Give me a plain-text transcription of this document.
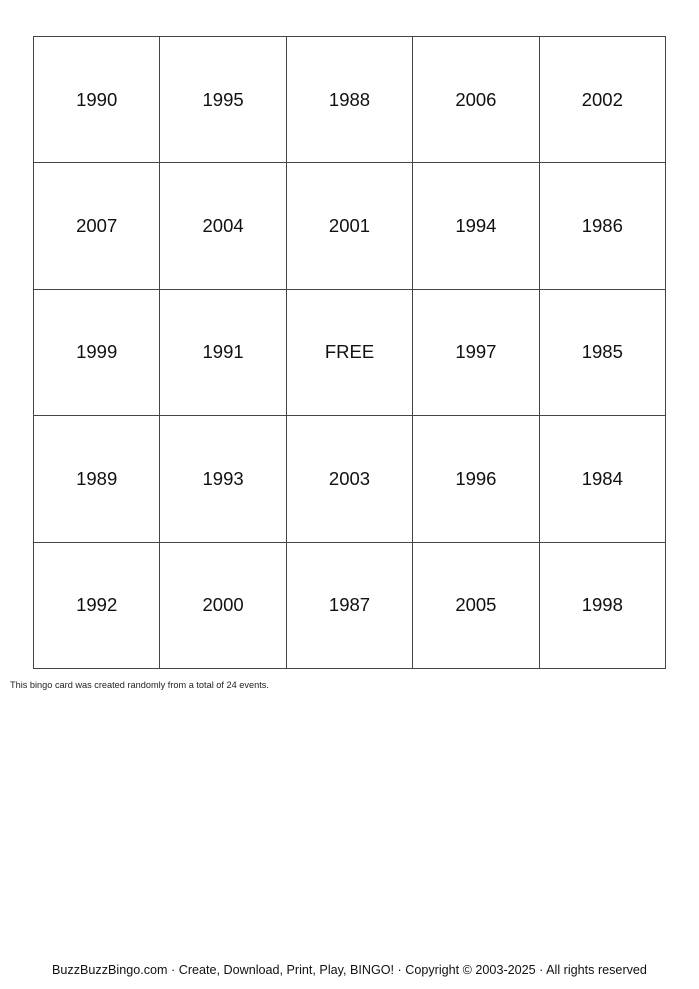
1990	1995	1988	2006	2002
2007	2004	2001	1994	1986
1999	1991	FREE	1997	1985
1989	1993	2003	1996	1984
1992	2000	1987	2005	1998
This bingo card was created randomly from a total of 24 events.
BuzzBuzzBingo.com · Create, Download, Print, Play, BINGO! · Copyright © 2003-2025 · All rights reserved
